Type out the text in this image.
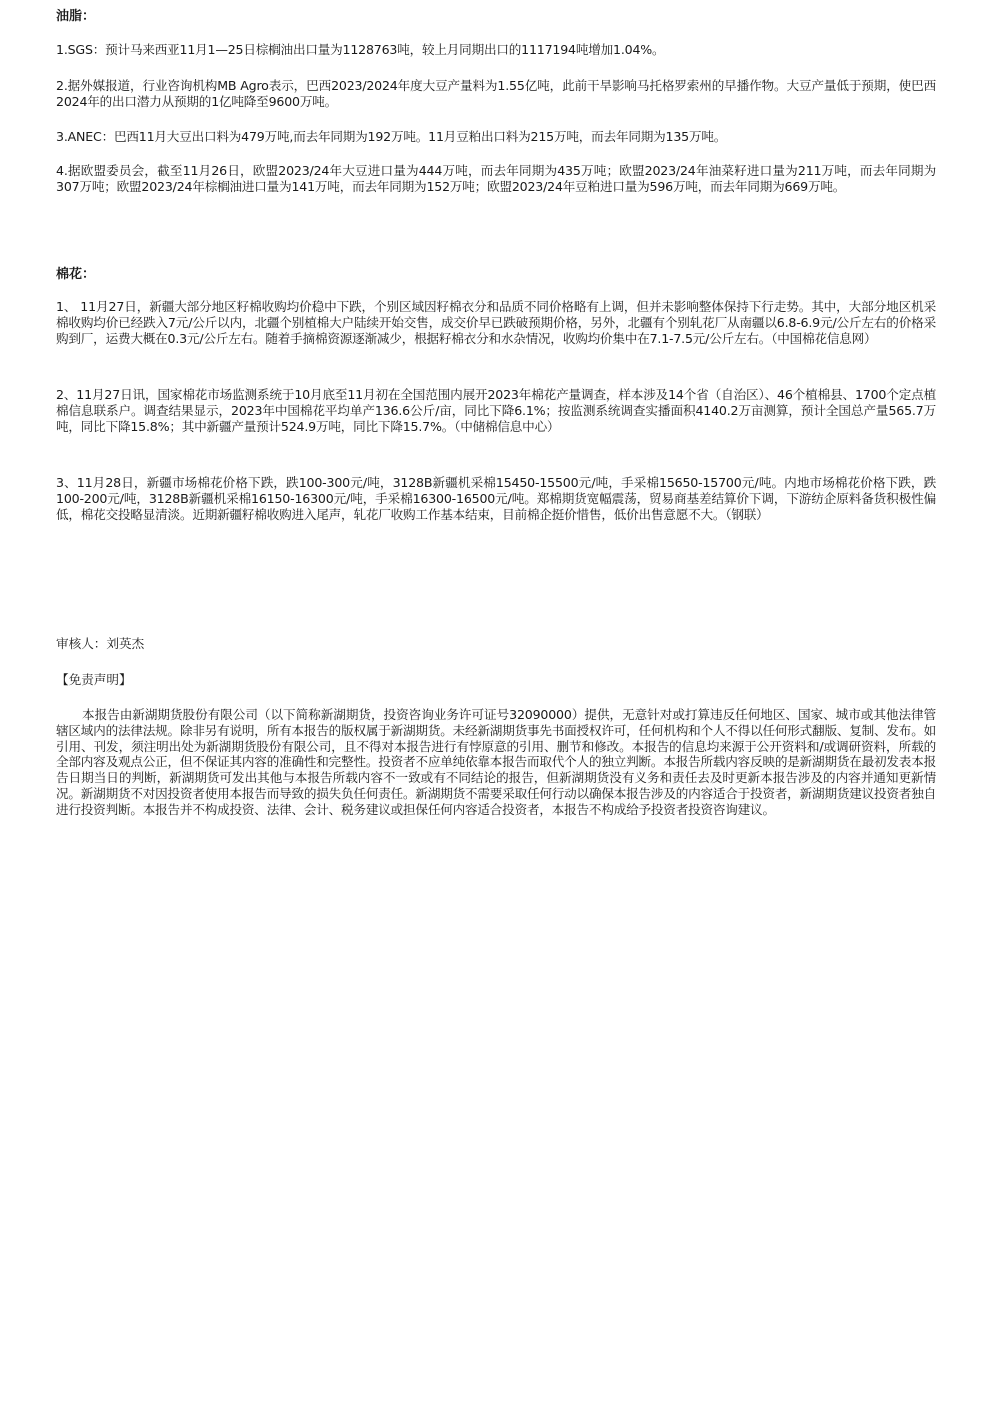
油脂：

1.SGS：预计马来西亚11月1—25日棕榈油出口量为1128763吨，较上月同期出口的1117194吨增加1.04%。

2.据外媒报道，行业咨询机构MB Agro表示，巴西2023/2024年度大豆产量料为1.55亿吨，此前干旱影响马托格罗索州的早播作物。大豆产量低于预期，使巴西2024年的出口潜力从预期的1亿吨降至9600万吨。

3.ANEC：巴西11月大豆出口料为479万吨,而去年同期为192万吨。11月豆粕出口料为215万吨，而去年同期为135万吨。

4.据欧盟委员会，截至11月26日，欧盟2023/24年大豆进口量为444万吨，而去年同期为435万吨；欧盟2023/24年油菜籽进口量为211万吨，而去年同期为307万吨；欧盟2023/24年棕榈油进口量为141万吨，而去年同期为152万吨；欧盟2023/24年豆粕进口量为596万吨，而去年同期为669万吨。

棉花：

1、 11月27日，新疆大部分地区籽棉收购均价稳中下跌，个别区域因籽棉衣分和品质不同价格略有上调，但并未影响整体保持下行走势。其中，大部分地区机采棉收购均价已经跌入7元/公斤以内，北疆个别植棉大户陆续开始交售，成交价早已跌破预期价格，另外，北疆有个别轧花厂从南疆以6.8-6.9元/公斤左右的价格采购到厂，运费大概在0.3元/公斤左右。随着手摘棉资源逐渐减少，根据籽棉衣分和水杂情况，收购均价集中在7.1-7.5元/公斤左右。（中国棉花信息网）

2、11月27日讯，国家棉花市场监测系统于10月底至11月初在全国范围内展开2023年棉花产量调查，样本涉及14个省（自治区）、46个植棉县、1700个定点植棉信息联系户。调查结果显示，2023年中国棉花平均单产136.6公斤/亩，同比下降6.1%；按监测系统调查实播面积4140.2万亩测算，预计全国总产量565.7万吨，同比下降15.8%；其中新疆产量预计524.9万吨，同比下降15.7%。（中储棉信息中心）

3、11月28日，新疆市场棉花价格下跌，跌100-300元/吨，3128B新疆机采棉15450-15500元/吨，手采棉15650-15700元/吨。内地市场棉花价格下跌，跌100-200元/吨，3128B新疆机采棉16150-16300元/吨，手采棉16300-16500元/吨。郑棉期货宽幅震荡，贸易商基差结算价下调，下游纺企原料备货积极性偏低，棉花交投略显清淡。近期新疆籽棉收购进入尾声，轧花厂收购工作基本结束，目前棉企挺价惜售，低价出售意愿不大。（钢联）

审核人：刘英杰
【免责声明】

本报告由新湖期货股份有限公司（以下简称新湖期货，投资咨询业务许可证号32090000）提供，无意针对或打算违反任何地区、国家、城市或其他法律管辖区域内的法律法规。除非另有说明，所有本报告的版权属于新湖期货。未经新湖期货事先书面授权许可，任何机构和个人不得以任何形式翻版、复制、发布。如引用、刊发，须注明出处为新湖期货股份有限公司，且不得对本报告进行有悖原意的引用、删节和修改。本报告的信息均来源于公开资料和/或调研资料，所载的全部内容及观点公正，但不保证其内容的准确性和完整性。投资者不应单纯依靠本报告而取代个人的独立判断。本报告所载内容反映的是新湖期货在最初发表本报告日期当日的判断，新湖期货可发出其他与本报告所载内容不一致或有不同结论的报告，但新湖期货没有义务和责任去及时更新本报告涉及的内容并通知更新情况。新湖期货不对因投资者使用本报告而导致的损失负任何责任。新湖期货不需要采取任何行动以确保本报告涉及的内容适合于投资者，新湖期货建议投资者独自进行投资判断。本报告并不构成投资、法律、会计、税务建议或担保任何内容适合投资者，本报告不构成给予投资者投资咨询建议。
